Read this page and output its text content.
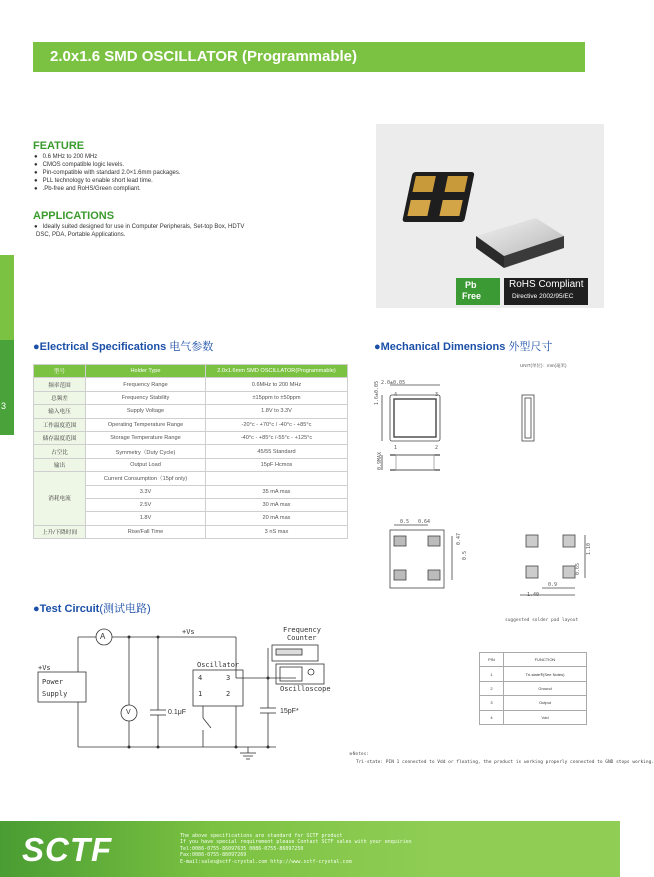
2.0x1.6 SMD OSCILLATOR (Programmable)
3
FEATURE
● 0.6 MHz to 200 MHz
● CMOS compatible logic levels.
● Pin-compatible with standard 2.0×1.6mm packages.
● PLL technology to enable short lead time.
● .Pb-free and RoHS/Green compliant.
APPLICATIONS
● Ideally suited designed for use in Computer Peripherals, Set-top Box, HDTV
DSC, PDA, Portable Applications.
Pb
Free
RoHS Compliant
Directive 2002/95/EC
●Electrical Specifications 电气参数
型号	Holder Type	2.0x1.6mm SMD OSCILLATOR(Programmable)
频率范围	Frequency Range	0.6MHz to 200 MHz
总频差	Frequency Stability	±15ppm to ±50ppm
输入电压	Supply Voltage	1.8V to 3.3V
工作温度范围	Operating Temperature Range	-20°c - +70°c / -40°c - +85°c
储存温度范围	Storage Temperature Range	-40°c - +85°c /-55°c - +125°c
占空比	Symmetry（Duty Cycle)	45/55 Standard
输出	Output Load	15pF Hcmos
消耗电流	Current Consumption（15pf only)	
	3.3V	35 mA max
	2.5V	30 mA max
	1.8V	20 mA max
上升/下降时间	Rise/Fall Time	3 nS max
●Mechanical Dimensions 外型尺寸
UNIT(单位)：mm(毫米)
2.0±0.05
1.6±0.05
0.9MAX
4	3
1	2
0.5 0.64
0.47
0.5
1.10
0.65
0.9
1.40
suggested solder pad layout
PIN	FUNCTION
1	Tri-state®(See Notes)
2	Ground
3	Output
4	Vdd
※Notes:
Tri-state: PIN 1 connected to Vdd or floating, the product is working properly connected to GND stops working.
●Test Circuit(测试电路)
A
V
+Vs
+Vs
Power
Supply
0.1μF
Oscillator
4	3
1	2
15pF*
Frequency
Counter
Oscilloscope
SCTF	The above specifications are standard for SCTF product
If you have special requirement please Contact SCTF sales with your enquiries
Tel:0086-0755-86097635 0086-0755-86097250
Fax:0086-0755-86097269
E-mail:sales@sctf-crystal.com http://www.sctf-crystal.com
